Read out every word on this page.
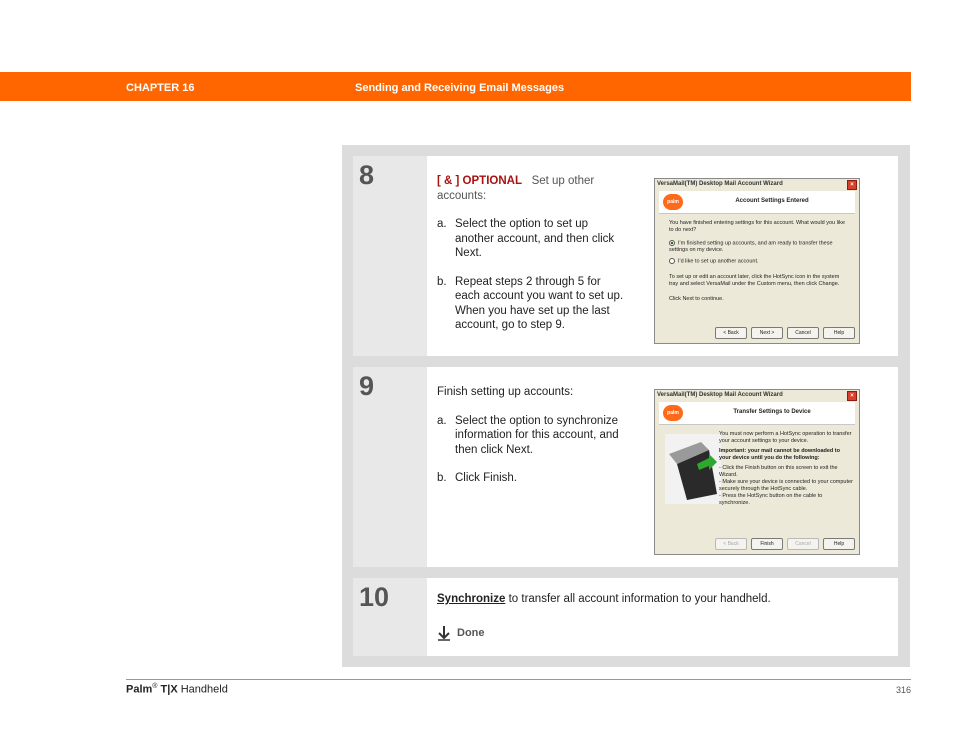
CHAPTER 16	Sending and Receiving Email Messages
8	[ & ] OPTIONAL Set up other accounts:
a. Select the option to set up another account, and then click Next.
b. Repeat steps 2 through 5 for each account you want to set up. When you have set up the last account, go to step 9.
VersaMail(TM) Desktop Mail Account Wizard	×
palm	Account Settings Entered
You have finished entering settings for this account. What would you like to do next?
I'm finished setting up accounts, and am ready to transfer these settings on my device.
I'd like to set up another account.
To set up or edit an account later, click the HotSync icon in the system tray and select VersaMail under the Custom menu, then click Change.
Click Next to continue.
< Back	Next >	Cancel	Help
9	Finish setting up accounts:
a. Select the option to synchronize information for this account, and then click Next.
b. Click Finish.
VersaMail(TM) Desktop Mail Account Wizard	×
palm	Transfer Settings to Device
You must now perform a HotSync operation to transfer your account settings to your device.
Important: your mail cannot be downloaded to your device until you do the following:
- Click the Finish button on this screen to exit the Wizard.
- Make sure your device is connected to your computer securely through the HotSync cable.
- Press the HotSync button on the cable to synchronize.
< Back	Finish	Cancel	Help
10	Synchronize to transfer all account information to your handheld.
Done
Palm® T|X Handheld	316
